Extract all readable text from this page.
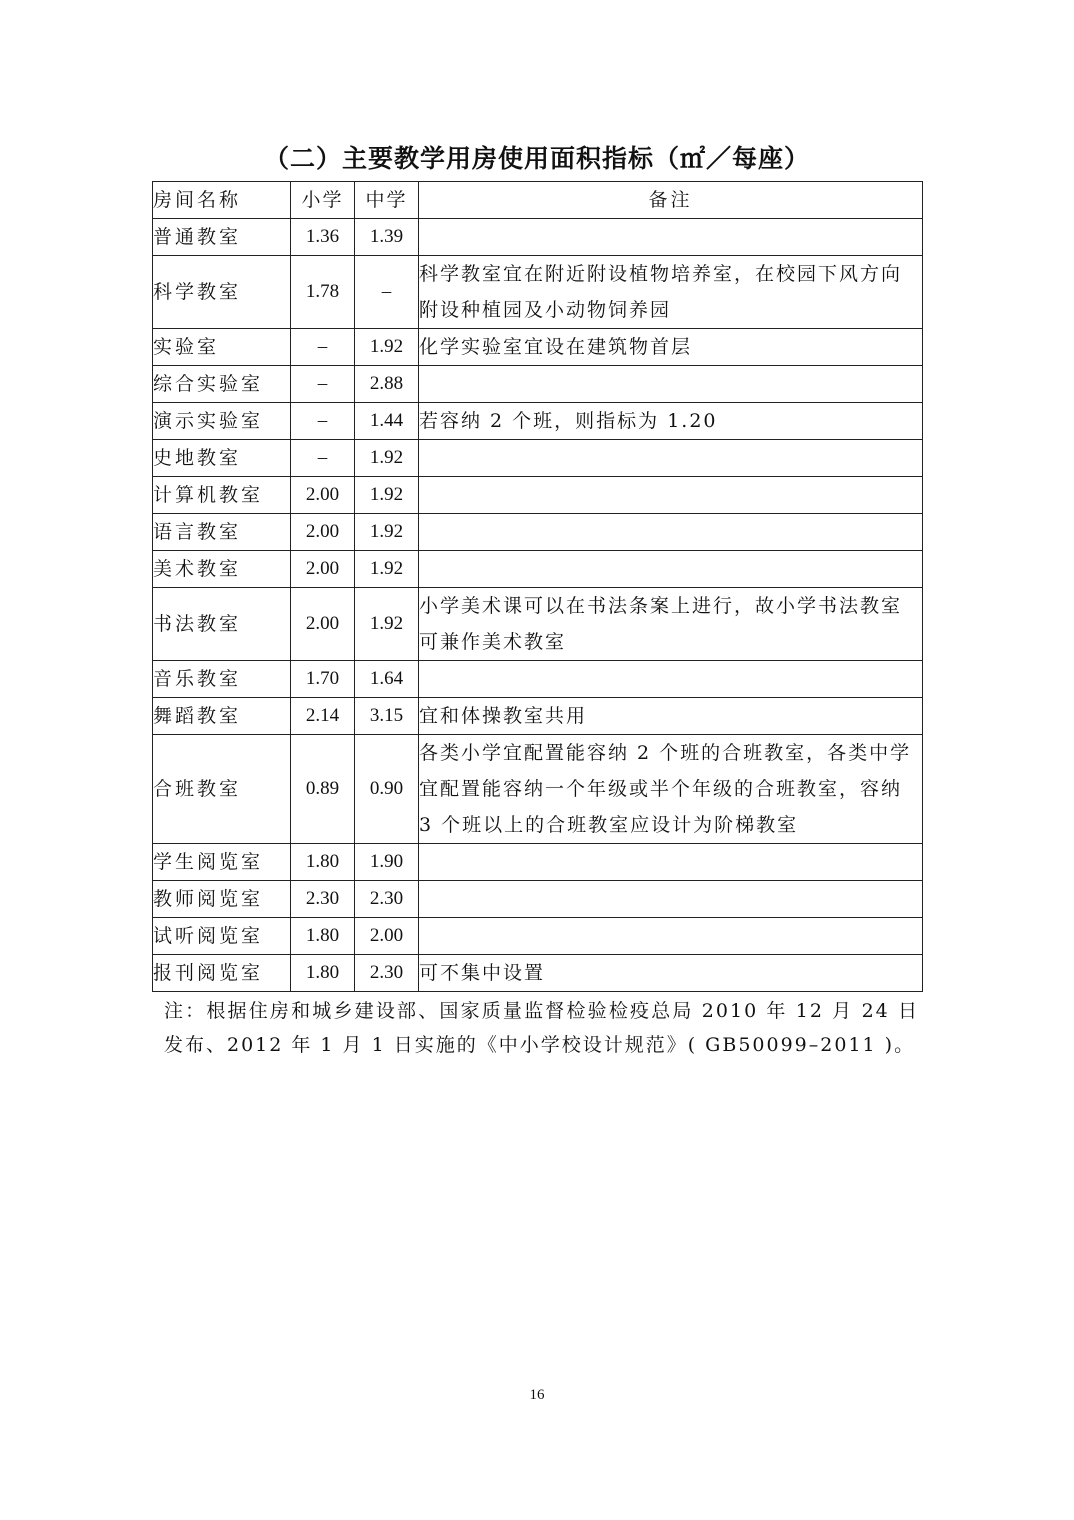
（二）主要教学用房使用面积指标（㎡／每座）
房间名称	小学	中学	备注
普通教室	1.36	1.39	
科学教室	1.78	–	科学教室宜在附近附设植物培养室，在校园下风方向附设种植园及小动物饲养园
实验室	–	1.92	化学实验室宜设在建筑物首层
综合实验室	–	2.88	
演示实验室	–	1.44	若容纳 2 个班，则指标为 1.20
史地教室	–	1.92	
计算机教室	2.00	1.92	
语言教室	2.00	1.92	
美术教室	2.00	1.92	
书法教室	2.00	1.92	小学美术课可以在书法条案上进行，故小学书法教室可兼作美术教室
音乐教室	1.70	1.64	
舞蹈教室	2.14	3.15	宜和体操教室共用
合班教室	0.89	0.90	各类小学宜配置能容纳 2 个班的合班教室，各类中学宜配置能容纳一个年级或半个年级的合班教室，容纳 3 个班以上的合班教室应设计为阶梯教室
学生阅览室	1.80	1.90	
教师阅览室	2.30	2.30	
试听阅览室	1.80	2.00	
报刊阅览室	1.80	2.30	可不集中设置
注：根据住房和城乡建设部、国家质量监督检验检疫总局 2010 年 12 月 24 日发布、2012 年 1 月 1 日实施的《中小学校设计规范》( GB50099–2011 )。
16
